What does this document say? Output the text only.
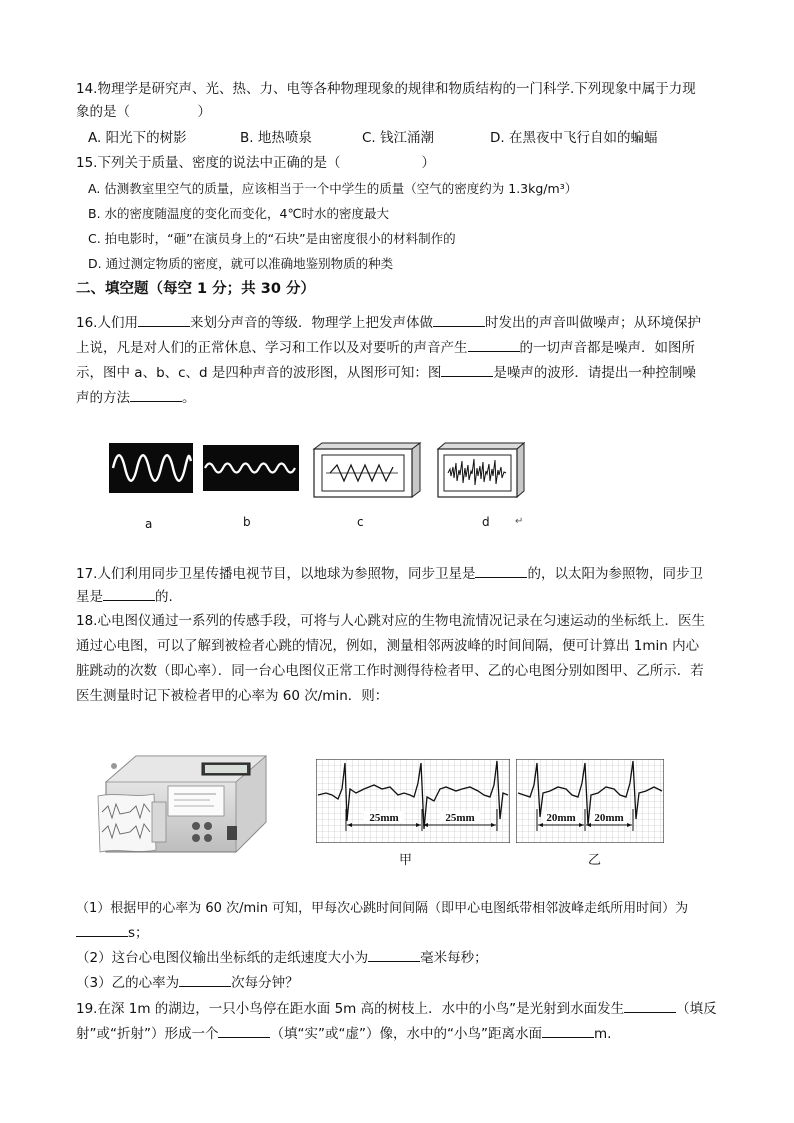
14.物理学是研究声、光、热、力、电等各种物理现象的规律和物质结构的一门科学.下列现象中属于力现
象的是（　　　　　）
A. 阳光下的树影	B. 地热喷泉	C. 钱江涌潮	D. 在黑夜中飞行自如的蝙蝠
15.下列关于质量、密度的说法中正确的是（　　　　　　）
A. 估测教室里空气的质量，应该相当于一个中学生的质量（空气的密度约为 1.3kg/m³）
B. 水的密度随温度的变化而变化，4℃时水的密度最大
C. 拍电影时，“砸”在演员身上的“石块”是由密度很小的材料制作的
D. 通过测定物质的密度，就可以准确地鉴别物质的种类
二、填空题（每空 1 分；共 30 分）
16.人们用	来划分声音的等级．物理学上把发声体做	时发出的声音叫做噪声；从环境保护
上说，凡是对人们的正常休息、学习和工作以及对要听的声音产生	的一切声音都是噪声．如图所
示，图中 a、b、c、d 是四种声音的波形图，从图形可知：图	是噪声的波形．请提出一种控制噪
声的方法	。
a	b	c	d	↵
17.人们利用同步卫星传播电视节目，以地球为参照物，同步卫星是	的，以太阳为参照物，同步卫
星是	的.
18.心电图仪通过一系列的传感手段，可将与人心跳对应的生物电流情况记录在匀速运动的坐标纸上．医生
通过心电图，可以了解到被检者心跳的情况，例如，测量相邻两波峰的时间间隔，便可计算出 1min 内心
脏跳动的次数（即心率）．同一台心电图仪正常工作时测得待检者甲、乙的心电图分别如图甲、乙所示．若
医生测量时记下被检者甲的心率为 60 次/min．则：
25mm	25mm	20mm 20mm
甲	乙
（1）根据甲的心率为 60 次/min 可知，甲每次心跳时间间隔（即甲心电图纸带相邻波峰走纸所用时间）为
s；
（2）这台心电图仪输出坐标纸的走纸速度大小为	毫米每秒；
（3）乙的心率为	次每分钟？
19.在深 1m 的湖边，一只小鸟停在距水面 5m 高的树枝上．水中的小鸟”是光射到水面发生	（填反
射”或“折射”）形成一个	（填“实”或“虚”）像，水中的“小鸟”距离水面	m.
